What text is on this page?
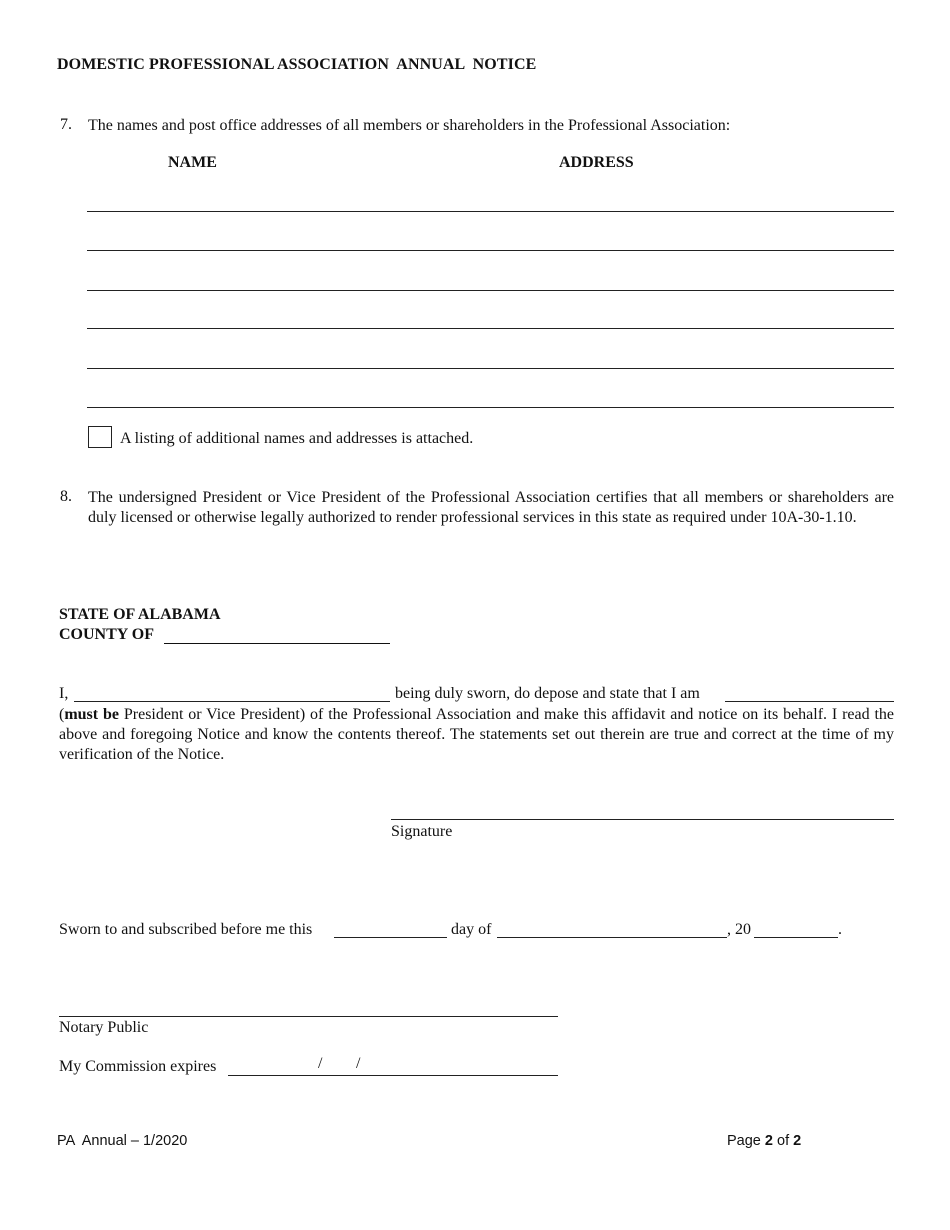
DOMESTIC PROFESSIONAL ASSOCIATION  ANNUAL  NOTICE
7. The names and post office addresses of all members or shareholders in the Professional Association:
NAME	ADDRESS
A listing of additional names and addresses is attached.
8. The undersigned President or Vice President of the Professional Association certifies that all members or shareholders are duly licensed or otherwise legally authorized to render professional services in this state as required under 10A-30-1.10.
STATE OF ALABAMA
COUNTY OF
I,	being duly sworn, do depose and state that I am
(must be President or Vice President) of the Professional Association and make this affidavit and notice on its behalf. I read the above and foregoing Notice and know the contents thereof. The statements set out therein are true and correct at the time of my verification of the Notice.
Signature
Sworn to and subscribed before me this	day of	, 20	.
Notary Public
My Commission expires	/ /
PA  Annual – 1/2020	Page 2 of 2
